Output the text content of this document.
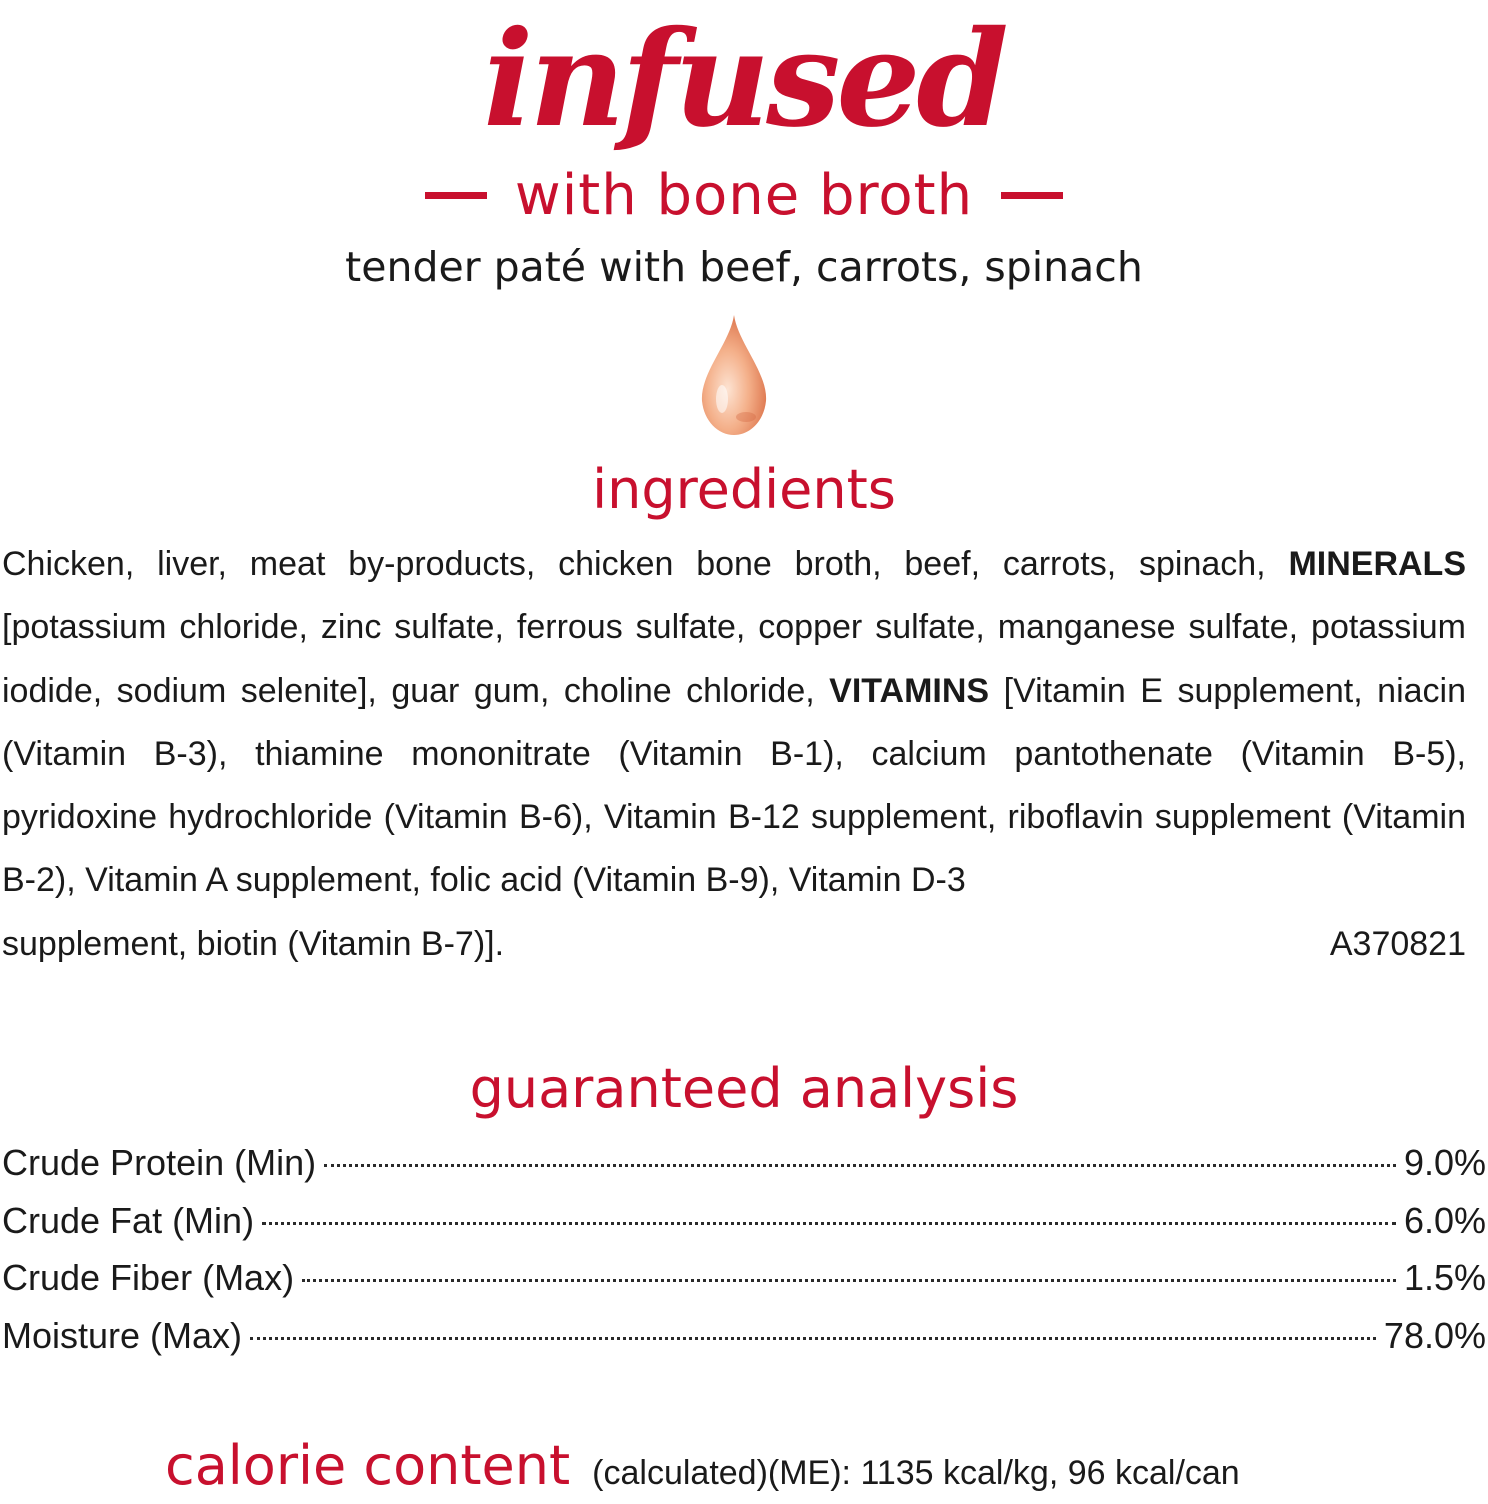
infused
with bone broth
tender paté with beef, carrots, spinach
ingredients
Chicken, liver, meat by-products, chicken bone broth, beef, carrots, spinach, MINERALS [potassium chloride, zinc sulfate, ferrous sulfate, copper sulfate, manganese sulfate, potassium iodide, sodium selenite], guar gum, choline chloride, VITAMINS [Vitamin E supplement, niacin (Vitamin B-3), thiamine mononitrate (Vitamin B-1), calcium pantothenate (Vitamin B-5), pyridoxine hydrochloride (Vitamin B-6), Vitamin B-12 supplement, riboflavin supplement (Vitamin B-2), Vitamin A supplement, folic acid (Vitamin B-9), Vitamin D-3
supplement, biotin (Vitamin B-7)].	A370821
guaranteed analysis
Crude Protein (Min)	9.0%
Crude Fat (Min)	6.0%
Crude Fiber (Max)	1.5%
Moisture (Max)	78.0%
calorie content (calculated)(ME): 1135 kcal/kg, 96 kcal/can
